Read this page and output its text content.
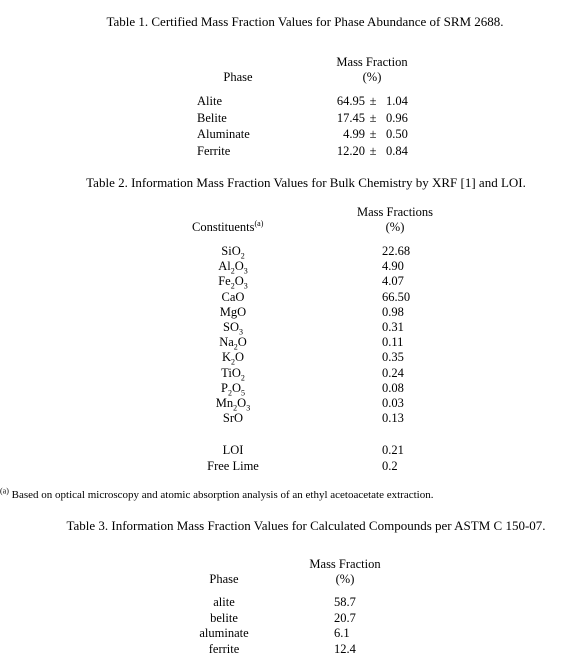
Table 1. Certified Mass Fraction Values for Phase Abundance of SRM 2688.
Phase
Mass Fraction
(%)
Alite	64.95 ± 1.04
Belite	17.45 ± 0.96
Aluminate	4.99 ± 0.50
Ferrite	12.20 ± 0.84
Table 2. Information Mass Fraction Values for Bulk Chemistry by XRF [1] and LOI.
Constituents$^{(a)}$
Mass Fractions
(%)
SiO$_2$	22.68
$Al_2O_3$	4.90
$Fe_2O_3$	4.07
CaO	66.50
MgO	0.98
$SO_3$	0.31
$Na_2O$	0.11
$K_2O$	0.35
TiO$_2$	0.24
$P_2O_5$	0.08
$Mn_2O_3$	0.03
SrO	0.13
LOI	0.21
Free Lime	0.2
$^{(a)}$ Based on optical microscopy and atomic absorption analysis of an ethyl acetoacetate extraction.
Table 3. Information Mass Fraction Values for Calculated Compounds per ASTM C 150-07.
Phase
Mass Fraction
(%)
alite	58.7
belite	20.7
aluminate	6.1
ferrite	12.4
